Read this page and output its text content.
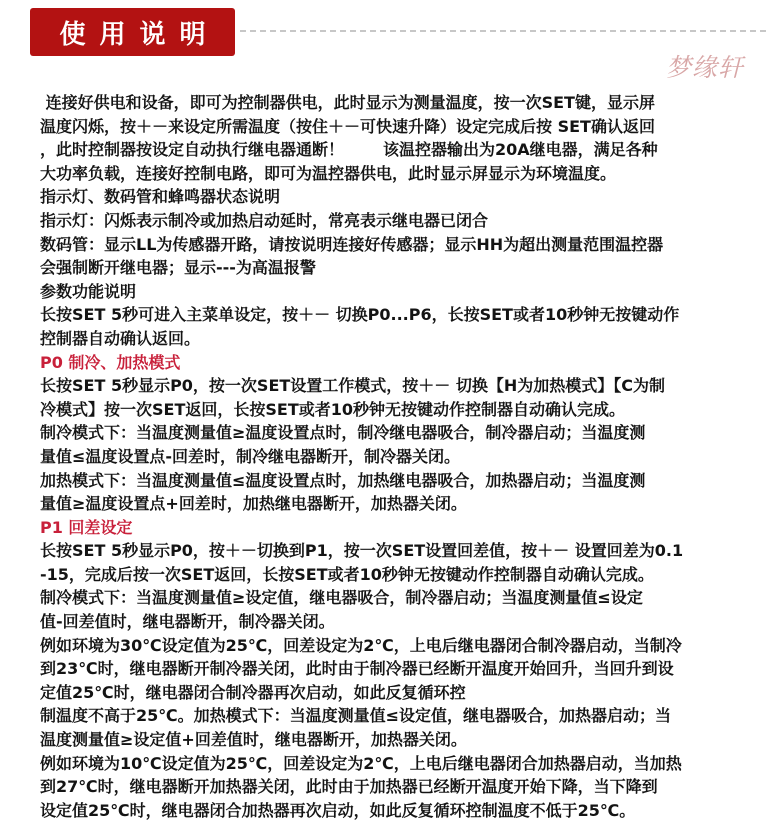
使用说明
梦缘轩
连接好供电和设备，即可为控制器供电，此时显示为测量温度，按一次SET键，显示屏
温度闪烁，按＋－来设定所需温度（按住＋－可快速升降）设定完成后按 SET确认返回
，此时控制器按设定自动执行继电器通断！       该温控器输出为20A继电器，满足各种
大功率负载，连接好控制电路，即可为温控器供电，此时显示屏显示为环境温度。
指示灯、数码管和蜂鸣器状态说明
指示灯：闪烁表示制冷或加热启动延时，常亮表示继电器已闭合
数码管：显示LL为传感器开路，请按说明连接好传感器；显示HH为超出测量范围温控器
会强制断开继电器；显示---为高温报警
参数功能说明
长按SET 5秒可进入主菜单设定，按＋－ 切换P0...P6，长按SET或者10秒钟无按键动作
控制器自动确认返回。
P0 制冷、加热模式
长按SET 5秒显示P0，按一次SET设置工作模式，按＋－ 切换【H为加热模式】【C为制
冷模式】按一次SET返回，长按SET或者10秒钟无按键动作控制器自动确认完成。
制冷模式下：当温度测量值≥温度设置点时，制冷继电器吸合，制冷器启动；当温度测
量值≤温度设置点-回差时，制冷继电器断开，制冷器关闭。
加热模式下：当温度测量值≤温度设置点时，加热继电器吸合，加热器启动；当温度测
量值≥温度设置点+回差时，加热继电器断开，加热器关闭。
P1 回差设定
长按SET 5秒显示P0，按＋－切换到P1，按一次SET设置回差值，按＋－ 设置回差为0.1
-15，完成后按一次SET返回，长按SET或者10秒钟无按键动作控制器自动确认完成。
制冷模式下：当温度测量值≥设定值，继电器吸合，制冷器启动；当温度测量值≤设定
值-回差值时，继电器断开，制冷器关闭。
例如环境为30℃设定值为25℃，回差设定为2℃，上电后继电器闭合制冷器启动，当制冷
到23℃时，继电器断开制冷器关闭，此时由于制冷器已经断开温度开始回升，当回升到设
定值25℃时，继电器闭合制冷器再次启动，如此反复循环控
制温度不高于25℃。加热模式下：当温度测量值≤设定值，继电器吸合，加热器启动；当
温度测量值≥设定值+回差值时，继电器断开，加热器关闭。
例如环境为10℃设定值为25℃，回差设定为2℃，上电后继电器闭合加热器启动，当加热
到27℃时，继电器断开加热器关闭，此时由于加热器已经断开温度开始下降，当下降到
设定值25℃时，继电器闭合加热器再次启动，如此反复循环控制温度不低于25℃。
